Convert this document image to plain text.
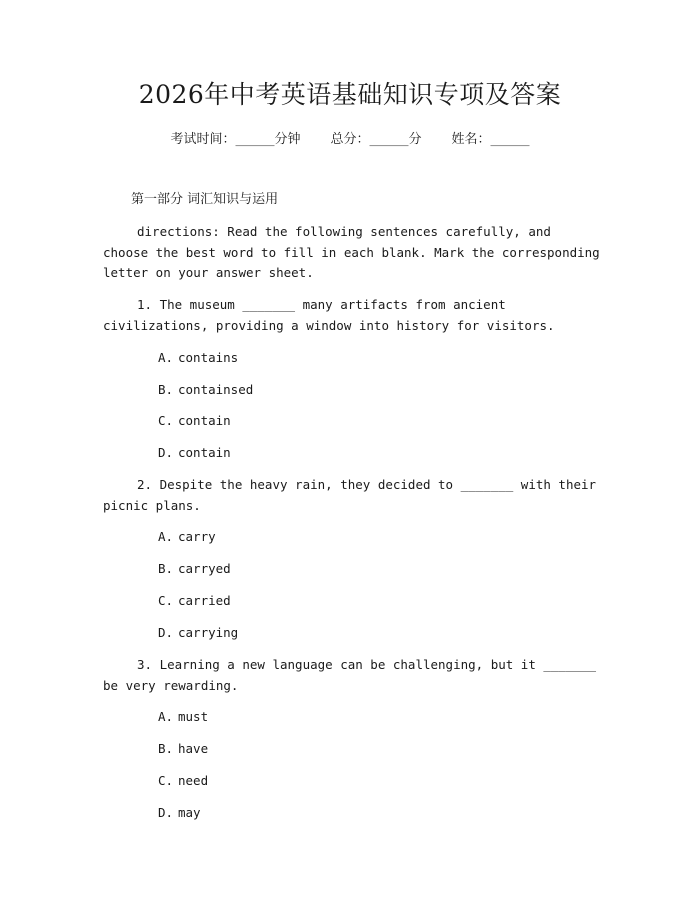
2026年中考英语基础知识专项及答案
考试时间：______分钟 总分：______分 姓名：______
第一部分 词汇知识与运用
directions: Read the following sentences carefully, and choose the best word to fill in each blank. Mark the corresponding letter on your answer sheet.
1. The museum _______ many artifacts from ancient civilizations, providing a window into history for visitors.
A. contains
B. containsed
C. contain
D. contain
2. Despite the heavy rain, they decided to _______ with their picnic plans.
A. carry
B. carryed
C. carried
D. carrying
3. Learning a new language can be challenging, but it _______ be very rewarding.
A. must
B. have
C. need
D. may
